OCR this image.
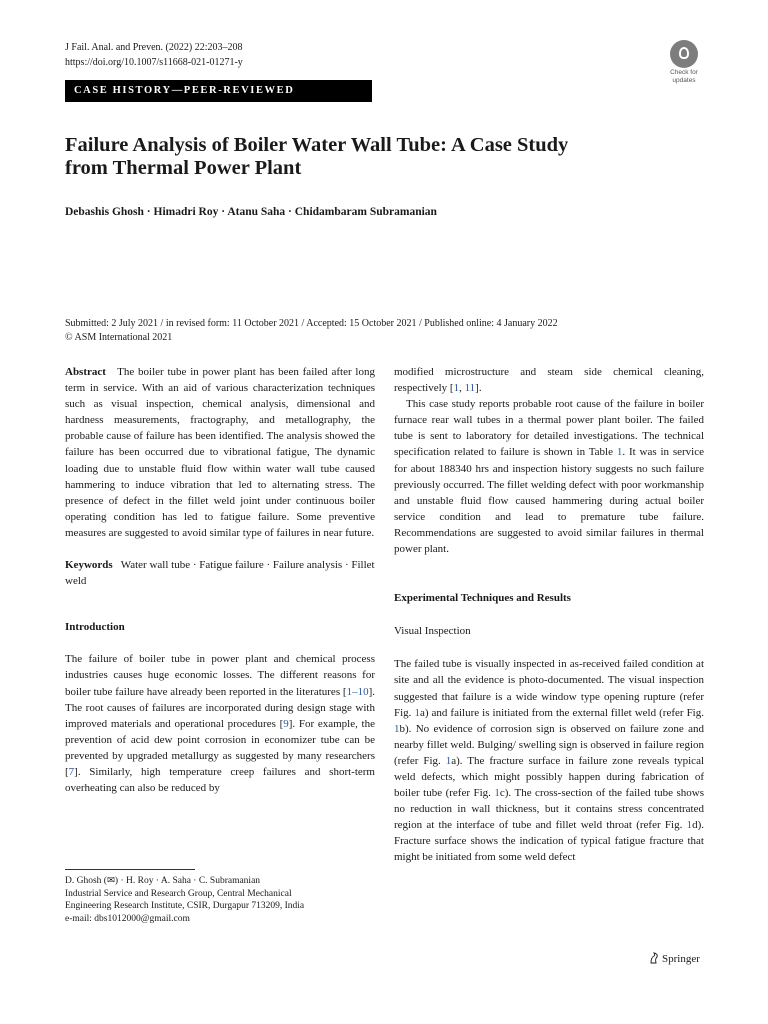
J Fail. Anal. and Preven. (2022) 22:203–208
https://doi.org/10.1007/s11668-021-01271-y
Check for
updates
CASE HISTORY—PEER-REVIEWED
Failure Analysis of Boiler Water Wall Tube: A Case Study
from Thermal Power Plant
Debashis Ghosh · Himadri Roy · Atanu Saha · Chidambaram Subramanian
Submitted: 2 July 2021 / in revised form: 11 October 2021 / Accepted: 15 October 2021 / Published online: 4 January 2022
© ASM International 2021

Abstract The boiler tube in power plant has been failed after long term in service. With an aid of various characterization techniques such as visual inspection, chemical analysis, dimensional and hardness measurements, fractography, and metallography, the probable cause of failure has been identified. The analysis showed the failure has been occurred due to vibrational fatigue, The dynamic loading due to unstable fluid flow within water wall tube caused hammering to induce vibration that led to alternating stress. The presence of defect in the fillet weld joint under continuous boiler operating condition has led to fatigue failure. Some preventive measures are suggested to avoid similar type of failures in near future.

Keywords Water wall tube · Fatigue failure · Failure analysis · Fillet weld

Introduction

The failure of boiler tube in power plant and chemical process industries causes huge economic losses. The different reasons for boiler tube failure have already been reported in the literatures [1–10]. The root causes of failures are incorporated during design stage with improved materials and operational procedures [9]. For example, the prevention of acid dew point corrosion in economizer tube can be prevented by upgraded metallurgy as suggested by many researchers [7]. Similarly, high temperature creep failures and short-term overheating can also be reduced by

modified microstructure and steam side chemical cleaning, respectively [1, 11].

This case study reports probable root cause of the failure in boiler furnace rear wall tubes in a thermal power plant boiler. The failed tube is sent to laboratory for detailed investigations. The technical specification related to failure is shown in Table 1. It was in service for about 188340 hrs and inspection history suggests no such failure previously occurred. The fillet welding defect with poor workmanship and unstable fluid flow caused hammering during actual boiler service condition and lead to premature tube failure. Recommendations are suggested to avoid similar failures in thermal power plant.

Experimental Techniques and Results

Visual Inspection

The failed tube is visually inspected in as-received failed condition at site and all the evidence is photo-documented. The visual inspection suggested that failure is a wide window type opening rupture (refer Fig. 1a) and failure is initiated from the external fillet weld (refer Fig. 1b). No evidence of corrosion sign is observed on failure zone and nearby fillet weld. Bulging/ swelling sign is observed in failure region (refer Fig. 1a). The fracture surface in failure zone reveals typical weld defects, which might possibly happen during fabrication of boiler tube (refer Fig. 1c). The cross-section of the failed tube shows no reduction in wall thickness, but it contains stress concentrated region at the interface of tube and fillet weld throat (refer Fig. 1d). Fracture surface shows the indication of typical fatigue fracture that might be initiated from some weld defect

D. Ghosh (✉) · H. Roy · A. Saha · C. Subramanian
Industrial Service and Research Group, Central Mechanical
Engineering Research Institute, CSIR, Durgapur 713209, India
e-mail: dbs1012000@gmail.com
Springer
